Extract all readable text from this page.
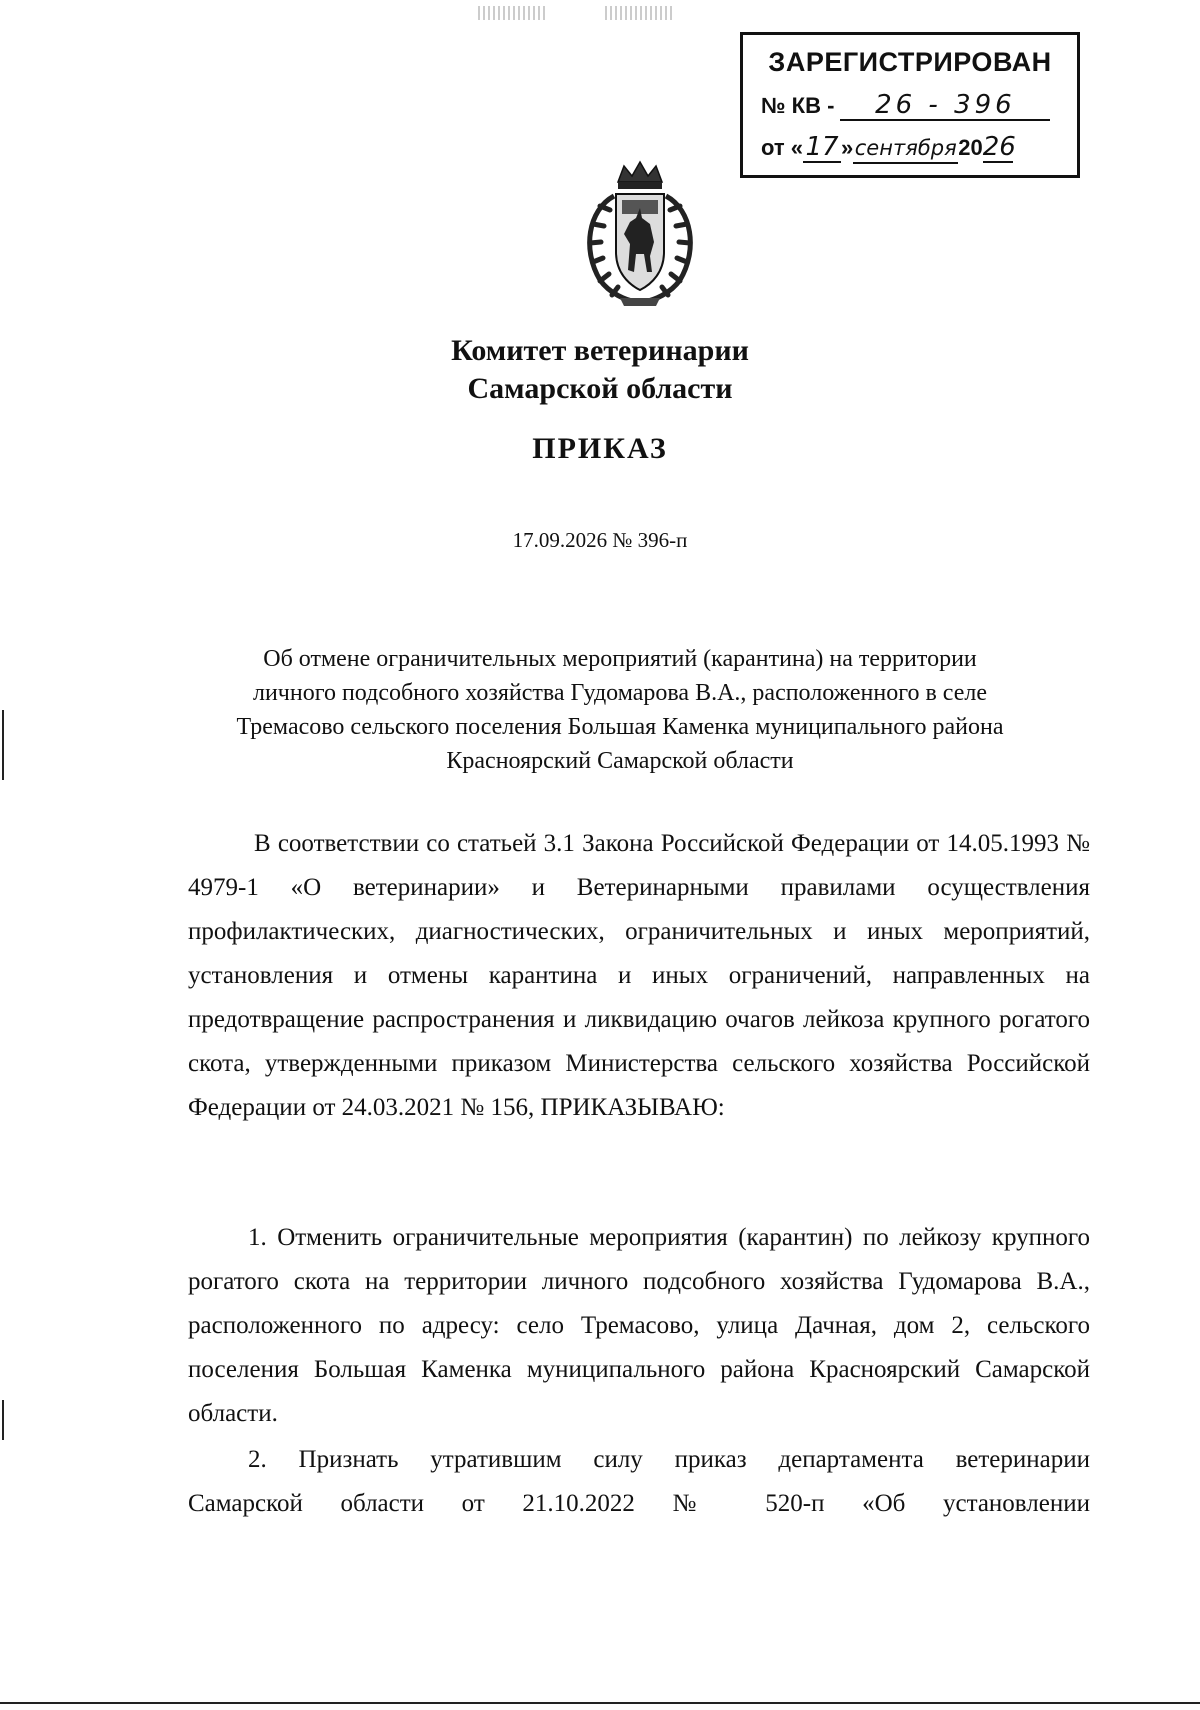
ЗАРЕГИСТРИРОВАН
№ КВ - 26 - 396
от «17 »сентября2026
Комитет ветеринарии
Самарской области
ПРИКАЗ
17.09.2026 № 396-п
Об отмене ограничительных мероприятий (карантина) на территории
личного подсобного хозяйства Гудомарова В.А., расположенного в селе
Тремасово сельского поселения Большая Каменка муниципального района
Красноярский Самарской области

В соответствии со статьей 3.1 Закона Российской Федерации от 14.05.1993 № 4979-1 «О ветеринарии» и Ветеринарными правилами осуществления профилактических, диагностических, ограничительных и иных мероприятий, установления и отмены карантина и иных ограничений, направленных на предотвращение распространения и ликвидацию очагов лейкоза крупного рогатого скота, утвержденными приказом Министерства сельского хозяйства Российской Федерации от 24.03.2021 № 156, ПРИКАЗЫВАЮ:

1. Отменить ограничительные мероприятия (карантин) по лейкозу крупного рогатого скота на территории личного подсобного хозяйства Гудомарова В.А., расположенного по адресу: село Тремасово, улица Дачная, дом 2, сельского поселения Большая Каменка муниципального района Красноярский Самарской области.

2. Признать утратившим силу приказ департамента ветеринарии
Самарской области от 21.10.2022 № 520-п «Об установлении
